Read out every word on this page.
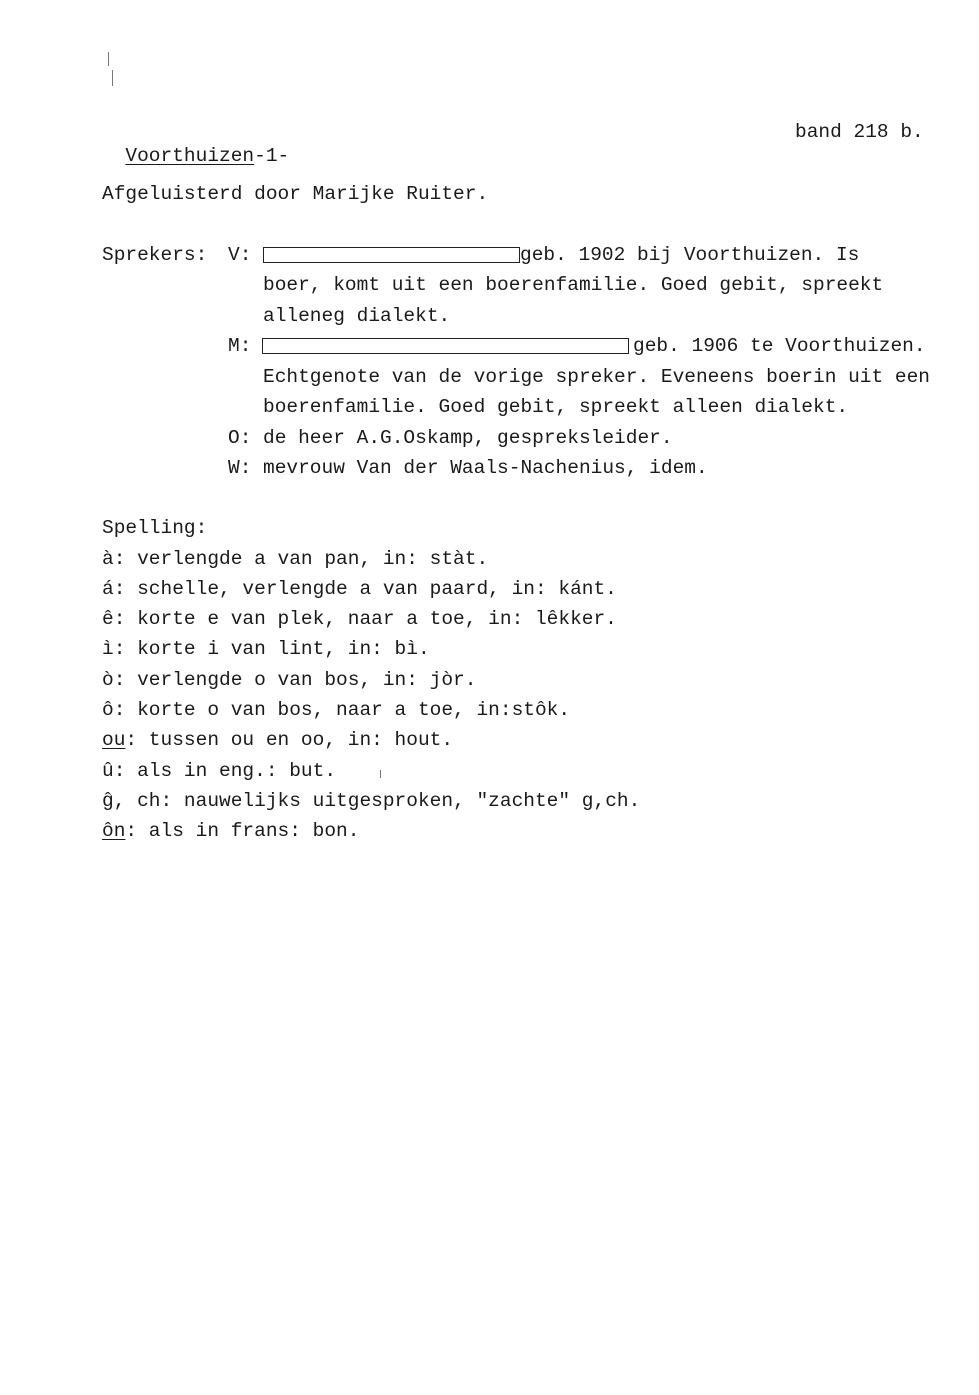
Voorthuizen-1-

band 218 b.
Afgeluisterd door Marijke Ruiter.
Sprekers: V:	geb. 1902 bij Voorthuizen. Is
boer, komt uit een boerenfamilie. Goed gebit, spreekt
alleneg dialekt.
M:	geb. 1906 te Voorthuizen.
Echtgenote van de vorige spreker. Eveneens boerin uit een
boerenfamilie. Goed gebit, spreekt alleen dialekt.
O: de heer A.G.Oskamp, gespreksleider.
W: mevrouw Van der Waals-Nachenius, idem.
Spelling:
à: verlengde a van pan, in: stàt.
á: schelle, verlengde a van paard, in: kánt.
ê: korte e van plek, naar a toe, in: lêkker.
ì: korte i van lint, in: bì.
ò: verlengde o van bos, in: jòr.
ô: korte o van bos, naar a toe, in:stôk.
ou: tussen ou en oo, in: hout.
û: als in eng.: but.
ĝ, ch: nauwelijks uitgesproken, "zachte" g,ch.
ôn: als in frans: bon.
